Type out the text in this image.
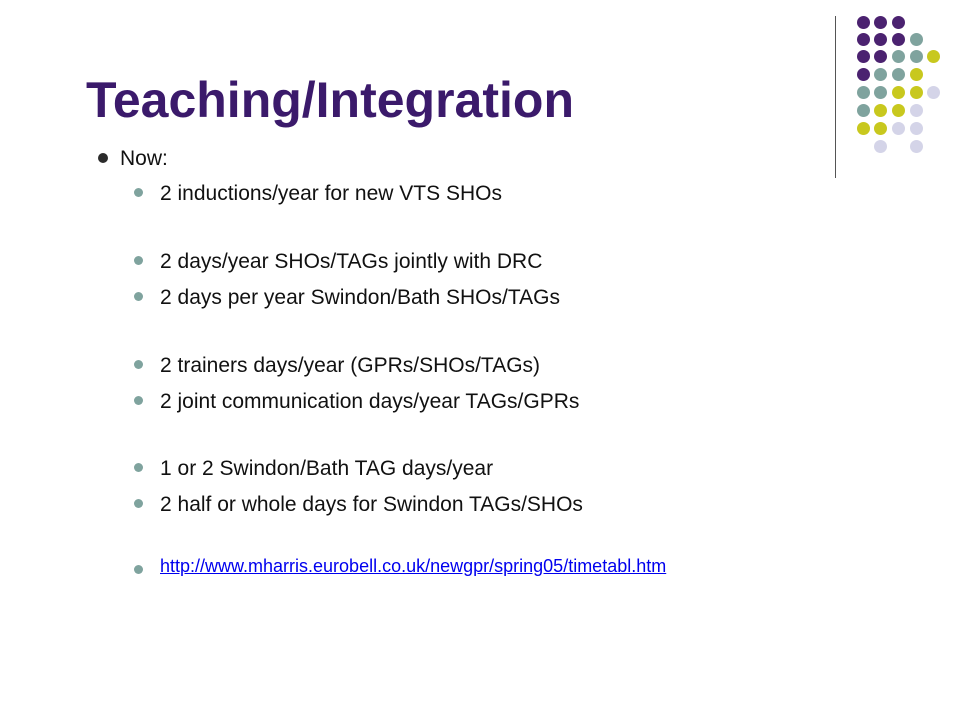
Teaching/Integration
Now:
2 inductions/year for new VTS SHOs
2 days/year SHOs/TAGs jointly with DRC
2 days per year Swindon/Bath SHOs/TAGs
2 trainers days/year (GPRs/SHOs/TAGs)
2 joint communication days/year TAGs/GPRs
1 or 2 Swindon/Bath TAG days/year
2 half or whole days for Swindon TAGs/SHOs
http://www.mharris.eurobell.co.uk/newgpr/spring05/timetabl.htm
